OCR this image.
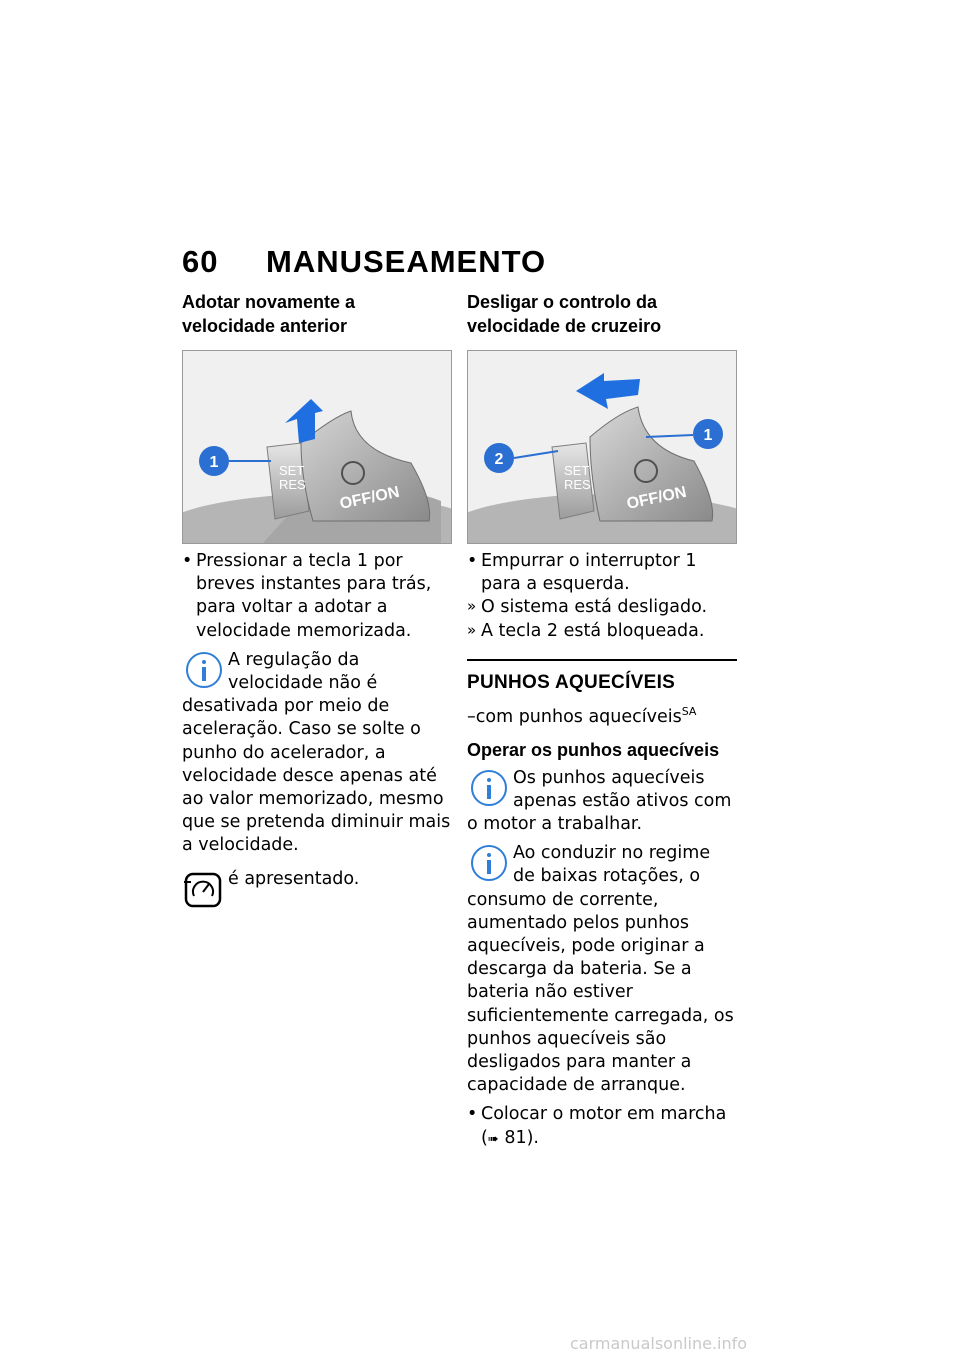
60 MANUSEAMENTO
Adotar novamente a velocidade anterior
1	SET
RES OFF/ON
• Pressionar a tecla 1 por breves instantes para trás, para voltar a adotar a velocidade memorizada.

A regulação da velocidade não é desativada por meio de aceleração. Caso se solte o punho do acelerador, a velocidade desce apenas até ao valor memorizado, mesmo que se pretenda diminuir mais a velocidade.

é apresentado.

Desligar o controlo da velocidade de cruzeiro
2
1
SET
RES OFF/ON
• Empurrar o interruptor 1 para a esquerda.
» O sistema está desligado.
» A tecla 2 está bloqueada.
PUNHOS AQUECÍVEIS
–com punhos aquecíveis$^{SA}$
Operar os punhos aquecíveis

Os punhos aquecíveis apenas estão ativos com o motor a trabalhar.

Ao conduzir no regime de baixas rotações, o consumo de corrente, aumentado pelos punhos aquecíveis, pode originar a descarga da bateria. Se a bateria não estiver suficientemente carregada, os punhos aquecíveis são desligados para manter a capacidade de arranque.

• Colocar o motor em marcha
(➠ 81).
carmanualsonline.info
